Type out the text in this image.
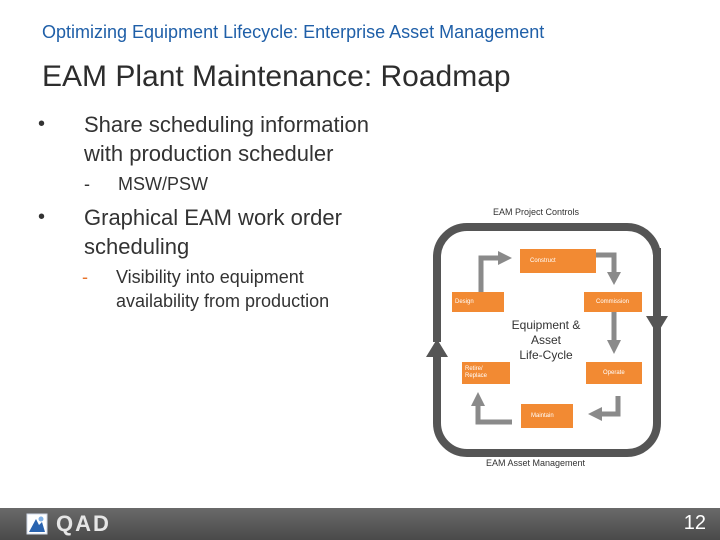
Optimizing Equipment Lifecycle: Enterprise Asset Management
EAM Plant Maintenance: Roadmap
• Share scheduling information
with production scheduler
- MSW/PSW
• Graphical EAM work order
scheduling
- Visibility into equipment
availability from production
EAM Project Controls
EAM Asset Management
Construct
Design	Commission
Retire/
Replace
Operate
Maintain
Equipment &
Asset
Life-Cycle
QAD	12
